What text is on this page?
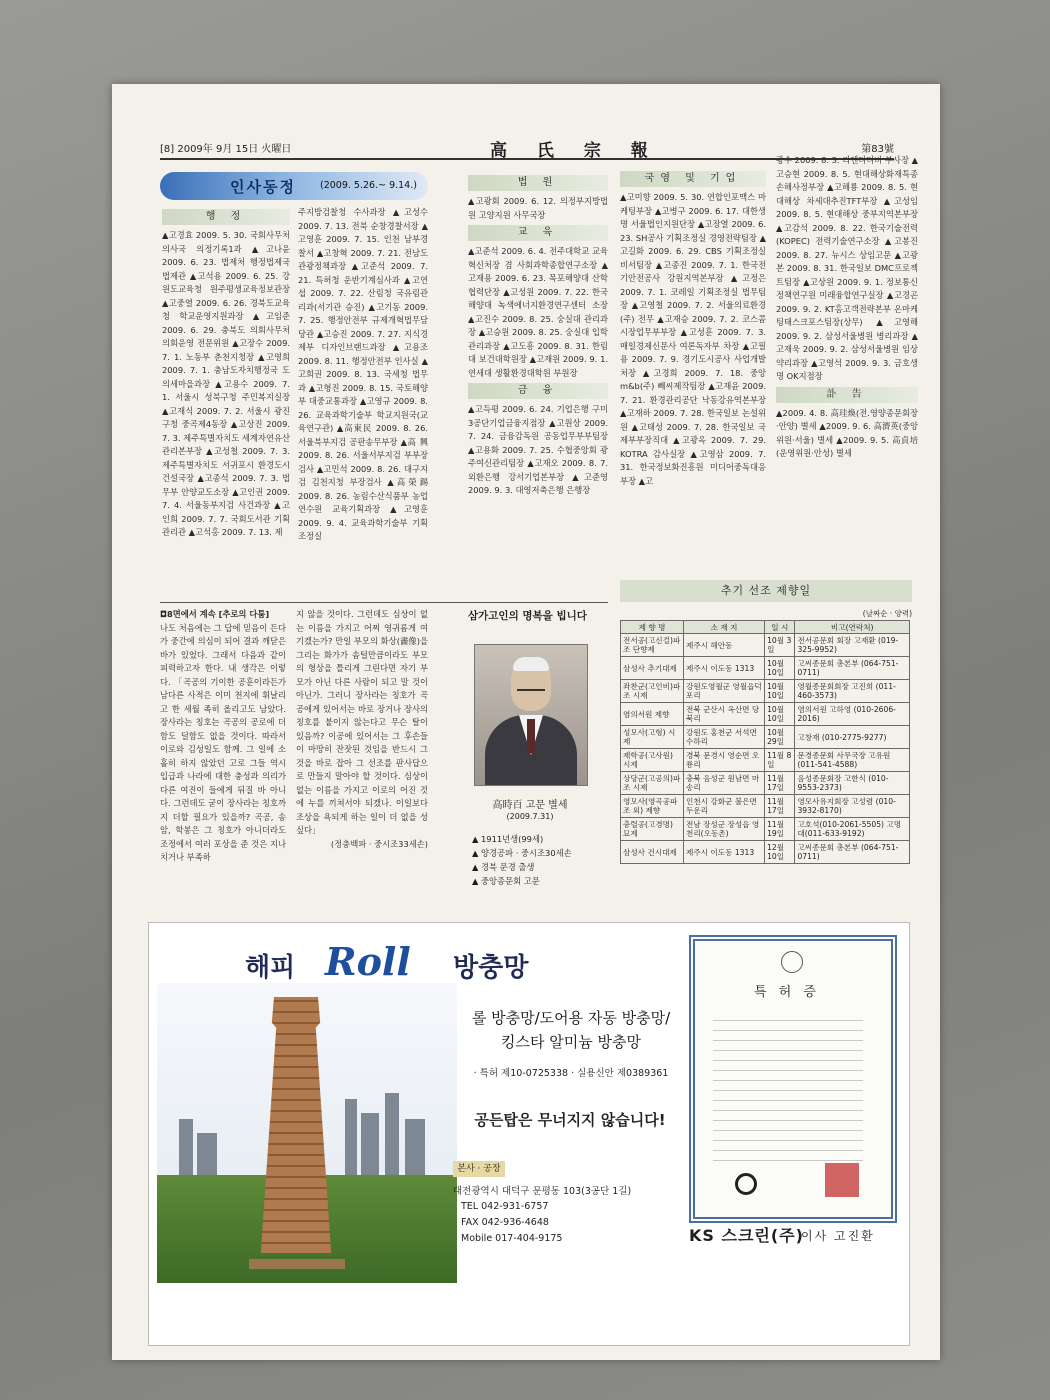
[8] 2009年 9月 15日 火曜日	高 氏 宗 報	第83號
인사동정	(2009. 5.26.~ 9.14.)
행 정

▲고경효 2009. 5. 30. 국회사무처 의사국 의정기록1과 ▲고나윤 2009. 6. 23. 법제처 행정법제국 법제관 ▲고석용 2009. 6. 25. 강원도교육청 원주평생교육정보관장 ▲고중열 2009. 6. 26. 경북도교육청 학교운영지원과장 ▲고임준 2009. 6. 29. 충북도 의회사무처 의회운영 전문위원 ▲고장수 2009. 7. 1. 노동부 춘천지청장 ▲고영희 2009. 7. 1. 충남도자치행정국 도의세마을과장 ▲고용수 2009. 7. 1. 서울시 성북구청 주민복지실장 ▲고재식 2009. 7. 2. 서울시 광진구청 중곡제4동장 ▲고상진 2009. 7. 3. 제주특별자치도 세계자연유산관리본부장 ▲고성철 2009. 7. 3. 제주특별자치도 서귀포시 환경도시건설국장 ▲고종석 2009. 7. 3. 법무부 안양교도소장 ▲고인권 2009. 7. 4. 서울동부지검 사건과장 ▲고인희 2009. 7. 7. 국회도서관 기획관리관 ▲고석홍 2009. 7. 13. 제

주지방검찰청 수사과장 ▲고성수 2009. 7. 13. 전북 순창경찰서장 ▲고영훈 2009. 7. 15. 인천 남부경찰서 ▲고창혁 2009. 7. 21. 전남도 관광정책과장 ▲고준석 2009. 7. 21. 특허청 운반기계심사과 ▲고연섭 2009. 7. 22. 산림청 국유림관리과(서기관 승진) ▲고기동 2009. 7. 25. 행정안전부 규제개혁법무담당관 ▲고승진 2009. 7. 27. 지식경제부 디자인브랜드과장 ▲고용조 2009. 8. 11. 행정안전부 인사실 ▲고희권 2009. 8. 13. 국세청 법무과 ▲고형진 2009. 8. 15. 국토해양부 대중교통과장 ▲고영규 2009. 8. 26. 교육과학기술부 학교지원국(교육연구관) ▲高東民 2009. 8. 26. 서울북부지검 공판송무부장 ▲高 興 2009. 8. 26. 서울서부지검 부부장검사 ▲고민석 2009. 8. 26. 대구지검 김천지청 부장검사 ▲高榮錫 2009. 8. 26. 농림수산식품부 농업연수원 교육기획과장 ▲고영훈 2009. 9. 4. 교육과학기술부 기획조정실

법 원

▲고광회 2009. 6. 12. 의정부지방법원 고양지원 사무국장

교 육

▲고준석 2009. 6. 4. 전주대학교 교육혁신처장 겸 사회과학종합연구소장 ▲고재용 2009. 6. 23. 목포해양대 산학협력단장 ▲고성원 2009. 7. 22. 한국해양대 녹색에너지환경연구센터 소장 ▲고진수 2009. 8. 25. 숭실대 관리과장 ▲고승원 2009. 8. 25. 숭실대 입학관리과장 ▲고도흥 2009. 8. 31. 한림대 보건대학원장 ▲고재원 2009. 9. 1. 연세대 생활환경대학원 부원장

금 융

▲고득평 2009. 6. 24. 기업은행 구미3공단기업금융지점장 ▲고원상 2009. 7. 24. 금융감독원 공동업무부부팀장 ▲고용화 2009. 7. 25. 수협중앙회 광주여신관리팀장 ▲고재오 2009. 8. 7. 외환은행 강서기업본부장 ▲고준영 2009. 9. 3. 대영저축은행 은행장

국영 및 기업

▲고미향 2009. 5. 30. 연합인포맥스 마케팅부장 ▲고병구 2009. 6. 17. 대한생명 서울법인지원단장 ▲고장열 2009. 6. 23. SH공사 기획조정실 경영전략팀장 ▲고길화 2009. 6. 29. CBS 기획조정실 비서팀장 ▲고종진 2009. 7. 1. 한국전기안전공사 강원지역본부장 ▲고정은 2009. 7. 1. 코레일 기획조정실 법무팀장 ▲고영철 2009. 7. 2. 서울의료환경(주) 전무 ▲고재승 2009. 7. 2. 코스콤 시장업무부부장 ▲고성훈 2009. 7. 3. 매일경제신문사 여론독자부 차장 ▲고필용 2009. 7. 9. 경기도시공사 사업개발처장 ▲고경희 2009. 7. 18. 중앙m&b(주) 빼씨제작팀장 ▲고재윤 2009. 7. 21. 환경관리공단 낙동강유역본부장 ▲고재하 2009. 7. 28. 한국일보 논설위원 ▲고태성 2009. 7. 28. 한국일보 국제부부장직대 ▲고광옥 2009. 7. 29. KOTRA 감사실장 ▲고영삼 2009. 7. 31. 한국정보화진흥원 미디어중독대응부장 ▲고

광수 2009. 8. 3. 리엔디디비 부사장 ▲고승현 2009. 8. 5. 현대해상화재특종손해사정부장 ▲고해룡 2009. 8. 5. 현대해상 차세대추진TFT부장 ▲고성임 2009. 8. 5. 현대해상 중부지역본부장 ▲고감석 2009. 8. 22. 한국기술전력(KOPEC) 전력기술연구소장 ▲고봉진 2009. 8. 27. 뉴시스 상임고문 ▲고광본 2009. 8. 31. 한국일보 DMC프로젝트팀장 ▲고상원 2009. 9. 1. 정보통신정책연구원 미래융합연구실장 ▲고경곤 2009. 9. 2. KT홈고객전략본부 온마케팅태스크포스팀장(상무) ▲고영해 2009. 9. 2. 삼성서울병원 병리과장 ▲고재욱 2009. 9. 2. 삼성서울병원 임상약리과장 ▲고영석 2009. 9. 3. 금호생명 OK지점장

訃 告

▲2009. 4. 8. 高珪煥(전.영양종문회장·안양) 별세 ▲2009. 9. 6. 高濟英(중앙위원·서울) 별세 ▲2009. 9. 5. 高貞培(운영위원·안성) 별세

◘8면에서 계속 [추로의 다툼]

나도 처음에는 그 답에 믿음이 든다가 중간에 의심이 되어 결과 깨닫은 바가 있었다. 그래서 다음과 같이 피력하고자 한다. 내 생각은 이렇다. 「곡공의 기이한 공훈이라든가 남다른 사적은 이미 천지에 휘날리고 한 세월 족히 올리고도 남았다. 장사라는 칭호는 곡공의 공로에 더함도 덜함도 없을 것이다. 따라서 이로와 김성일도 함께. 그 일에 소홀히 하지 않았던 고로 그들 역시 입급과 나라에 대한 충성과 의리가 다른 여진이 들에게 뒤질 바 아니다. 그런데도 굳이 장사라는 칭호까지 더할 필요가 있을까? 곡공, 송암, 학봉은 그 칭호가 아니더라도 조정에서 여러 포상을 준 것은 지나치거나 부족하

지 않을 것이다. 그런데도 심상이 없는 이름을 가지고 어찌 영귀롬게 여기겠는가? 만일 부모의 화상(畵像)을 그리는 화가가 솜털만큼이라도 부모의 형상을 틀리게 그린다면 자기 부모가 아닌 다른 사람이 되고 말 것이 아닌가. 그러니 장사라는 칭호가 곡공에게 있어서는 바로 장거나 장사의 칭호를 붙이지 않는다고 무슨 탈이 있음까? 이공에 있어서는 그 후손들이 마땅히 잔잣된 것임을 반드시 그것을 바로 잡아 그 선조를 판사답으로 만들지 말아야 할 것이다. 심상이 없는 이름을 가지고 이로의 어진 것에 누를 끼쳐서야 되겠나. 이일보다 조상을 욕되게 하는 일이 더 없을 성 싶다」

(정충백파 · 중시조33세손)

삼가고인의 명복을 빕니다
高時百 고문 별세
(2009.7.31)
▲ 1911년생(99세)
▲ 양경공파 · 중시조30세손
▲ 경북 문경 출생
▲ 중앙종문회 고문
추기 선조 제향일
(날짜순 · 양력)
제 향 명	소 재 지	일 시	비고(연락처)
전서공(고신걸)파조 단향제	제주시 해안동	10월 3일	전서공문회 회장 고재환 (019-325-9952)
삼성사 추기대제	제주시 이도동 1313	10월 10일	고씨종문회 총본부 (064-751-0711)
좌찬군(고인비)파조 시제	강원도영월군 영월읍덕포리	10월 10일	영월종문회회장 고진희 (011-460-3573)
염의서원 제향	전북 군산시 옥산면 당북리	10월 10일	염의서원 고하영 (010-2606-2016)
성모사(고형) 시제	강원도 홍천군 서석면 수하리	10월 29일	고창재 (010-2775-9277)
제학공(고사원) 시제	경북 문경시 영순면 오룡리	11월 8일	문경종문회 사무국장 고유원(011-541-4588)
상당군(고공의)파조 시제	충북 음성군 원남면 마송리	11월 17일	음성종문회장 고한식 (010-9553-2373)
영모사(영곡공파조 외) 제향	인천시 강화군 불은면 두운리	11월 17일	영모사유지회장 고성렴 (010-3932-8170)
충렬공(고경명) 묘제	전남 장성군 장성읍 영천리(오동촌)	11월 19일	고호석(010-2061-5505) 고명대(011-633-9192)
삼성사 건시대제	제주시 이도동 1313	12월 10일	고씨종문회 총본부 (064-751-0711)
해피 Roll 방충망
롤 방충망/도어용 자동 방충망/
킹스타 알미늄 방충망
· 특허 제10-0725338 · 실용신안 제0389361
공든탑은 무너지지 않습니다!
본사 · 공장
대전광역시 대덕구 문평동 103(3공단 1길)
TEL 042-931-6757
FAX 042-936-4648
Mobile 017-404-9175
특 허 증
KS 스크린(주)
이사 고진환
